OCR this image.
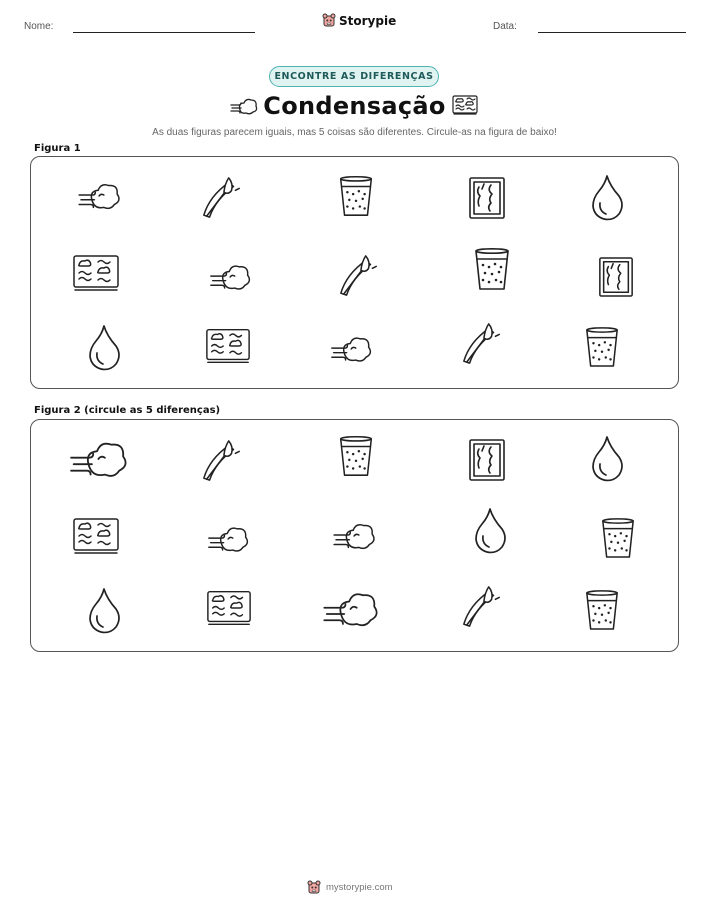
Nome:	Storypie	Data:
ENCONTRE AS DIFERENÇAS
Condensação
As duas figuras parecem iguais, mas 5 coisas são diferentes. Circule-as na figura de baixo!
Figura 1
Figura 2 (circule as 5 diferenças)
mystorypie.com
